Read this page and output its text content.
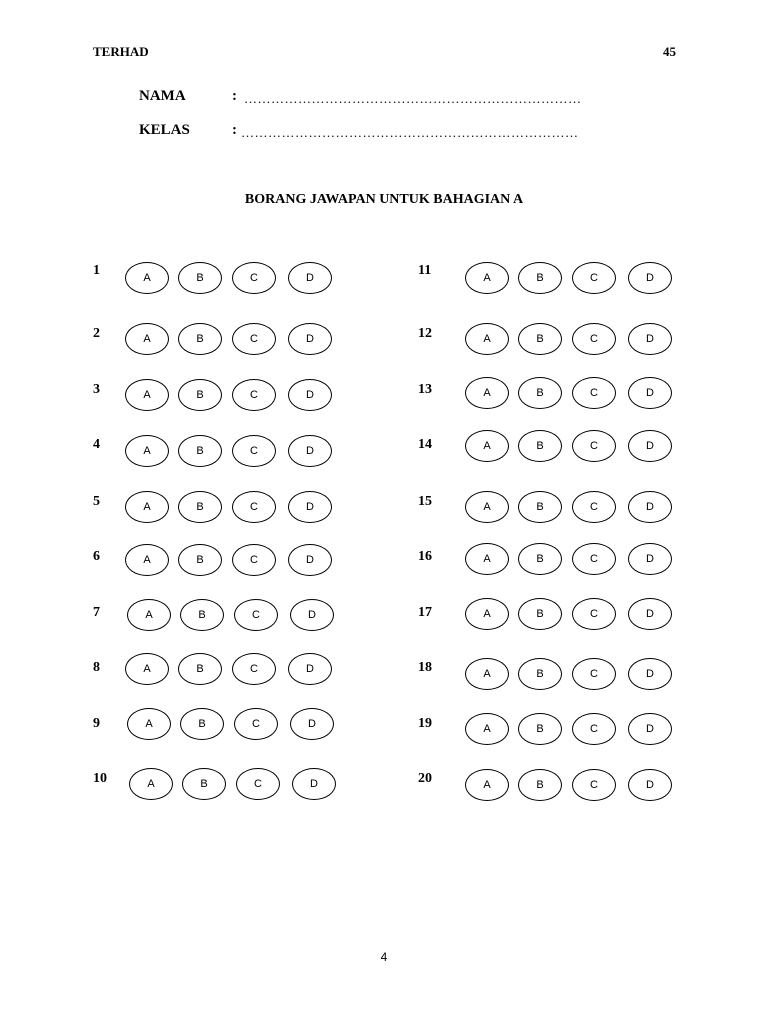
TERHAD	45
NAMA	: …………………………………………………………………
KELAS	: …………………………………………………………………
BORANG JAWAPAN UNTUK BAHAGIAN A
1	A	B	C	D
2	A	B	C	D
3	A	B	C	D
4	A	B	C	D
5	A	B	C	D
6	A	B	C	D
7	A	B	C	D
8	A	B	C	D
9	A	B	C	D
10	A	B	C	D
11	A	B	C	D
12	A	B	C	D
13	A	B	C	D
14	A	B	C	D
15	A	B	C	D
16	A	B	C	D
17	A	B	C	D
18	A	B	C	D
19	A	B	C	D
20	A	B	C	D
4
